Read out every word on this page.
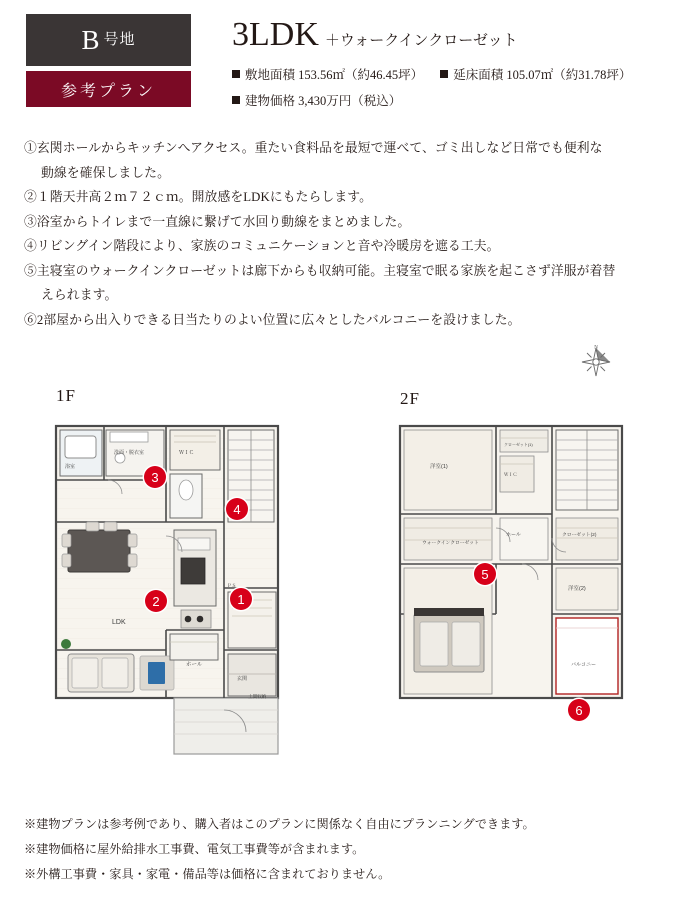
B 号地
参考プラン
3LDK ＋ウォークインクローゼット
敷地面積 153.56㎡（約46.45坪） 延床面積 105.07㎡（約31.78坪）
建物価格 3,430万円（税込）
①玄関ホールからキッチンへアクセス。重たい食料品を最短で運べて、ゴミ出しなど日常でも便利な
動線を確保しました。
②１階天井高２ｍ７２ｃｍ。開放感をLDKにもたらします。
③浴室からトイレまで一直線に繋げて水回り動線をまとめました。
④リビングイン階段により、家族のコミュニケーションと音や冷暖房を遮る工夫。
⑤主寝室のウォークインクローゼットは廊下からも収納可能。主寝室で眠る家族を起こさず洋服が着替
えられます。
⑥2部屋から出入りできる日当たりのよい位置に広々としたバルコニーを設けました。
N
1F	2F
LDK
ホール
玄関
土間収納
洗面・脱衣室
浴室
ＷＩＣ
ＰＳ
1
2
3
4
洋室(1)
洋室(2)
ウォークインクローゼット
ホール	クローゼット(2)
クローゼット(1)
バルコニー
ＷＩＣ
5
6
※建物プランは参考例であり、購入者はこのプランに関係なく自由にプランニングできます。
※建物価格に屋外給排水工事費、電気工事費等が含まれます。
※外構工事費・家具・家電・備品等は価格に含まれておりません。
